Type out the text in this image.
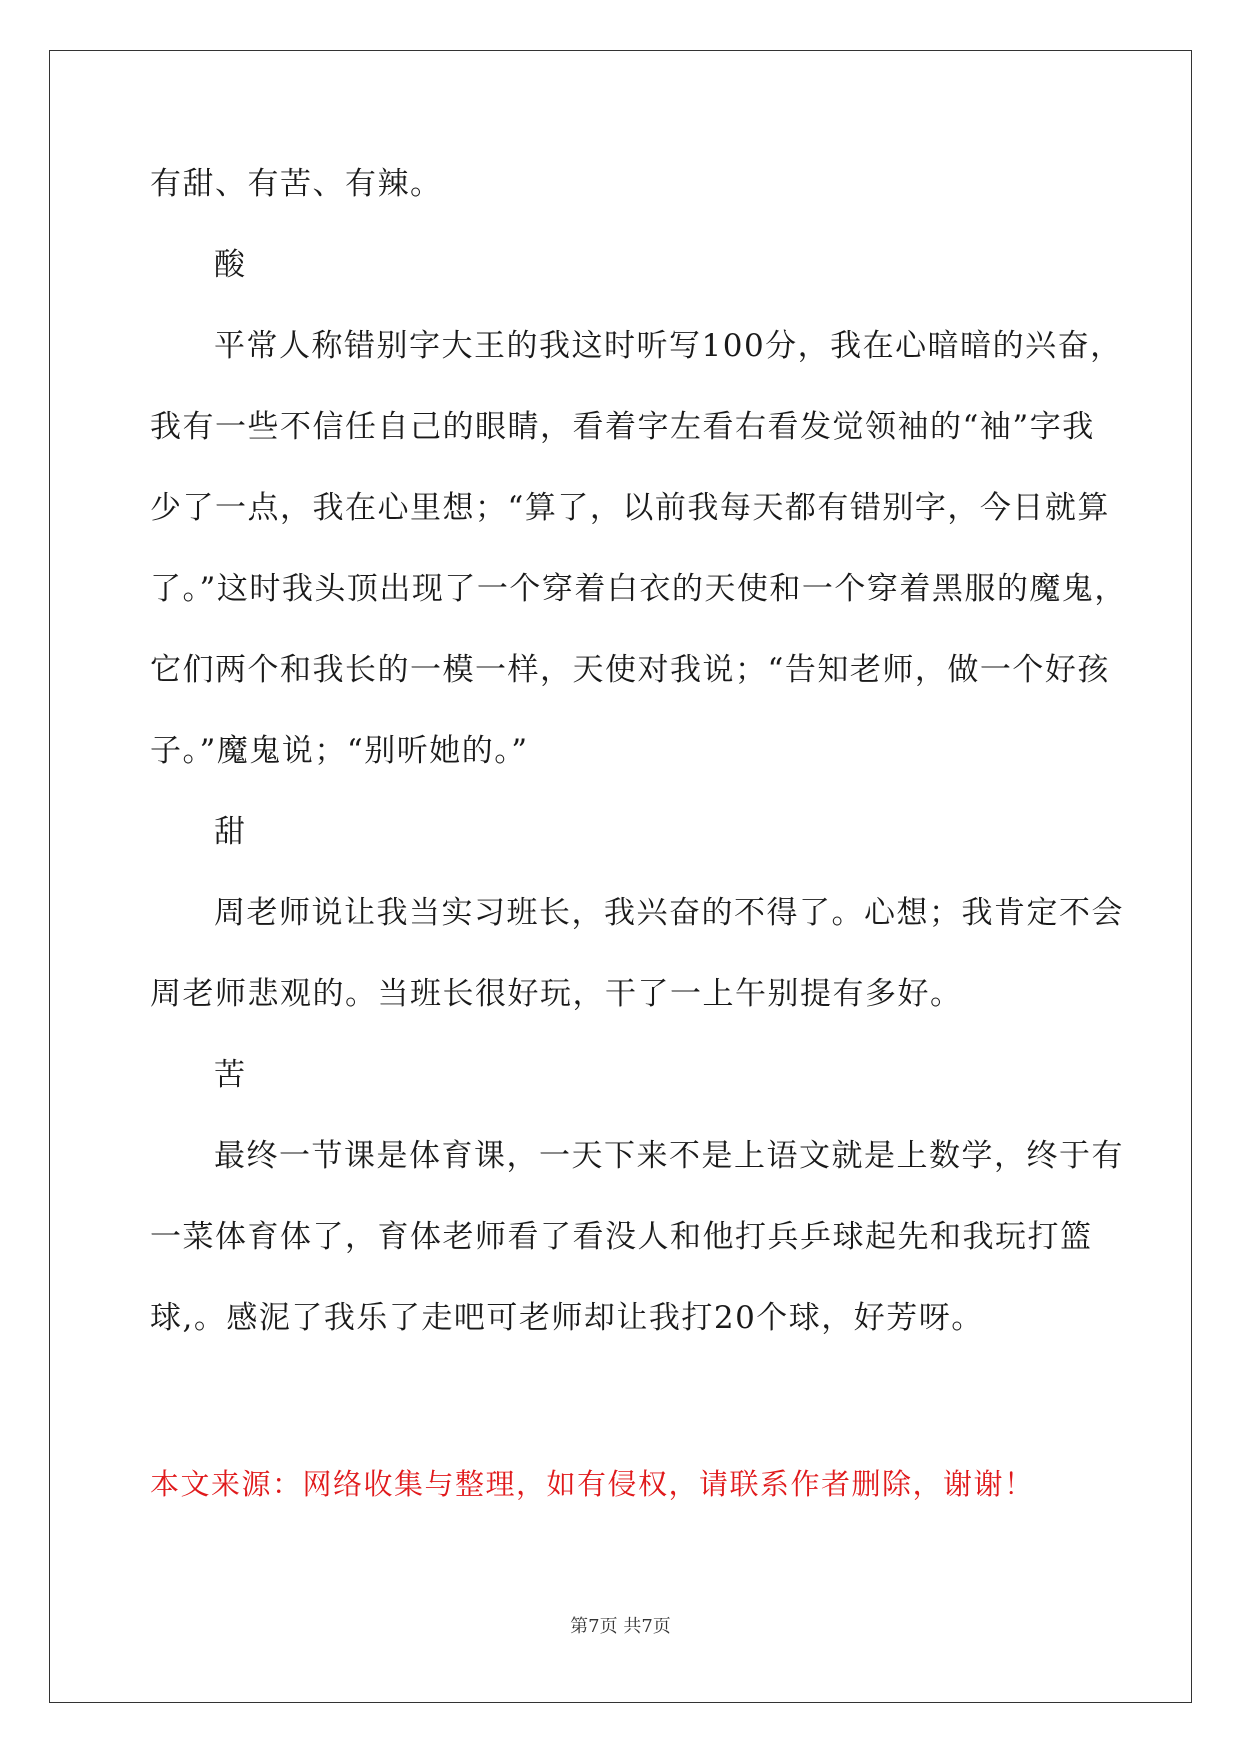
有甜、有苦、有辣。
酸
平常人称错别字大王的我这时听写100分，我在心暗暗的兴奋，
我有一些不信任自己的眼睛，看着字左看右看发觉领袖的“袖”字我
少了一点，我在心里想；“算了，以前我每天都有错别字，今日就算
了。”这时我头顶出现了一个穿着白衣的天使和一个穿着黑服的魔鬼，
它们两个和我长的一模一样，天使对我说；“告知老师，做一个好孩
子。”魔鬼说；“别听她的。”
甜
周老师说让我当实习班长，我兴奋的不得了。心想；我肯定不会
周老师悲观的。当班长很好玩，干了一上午别提有多好。
苦
最终一节课是体育课，一天下来不是上语文就是上数学，终于有
一菜体育体了，育体老师看了看没人和他打兵乒球起先和我玩打篮
球,。感泥了我乐了走吧可老师却让我打20个球，好芳呀。
本文来源：网络收集与整理，如有侵权，请联系作者删除，谢谢！
第7页 共7页
